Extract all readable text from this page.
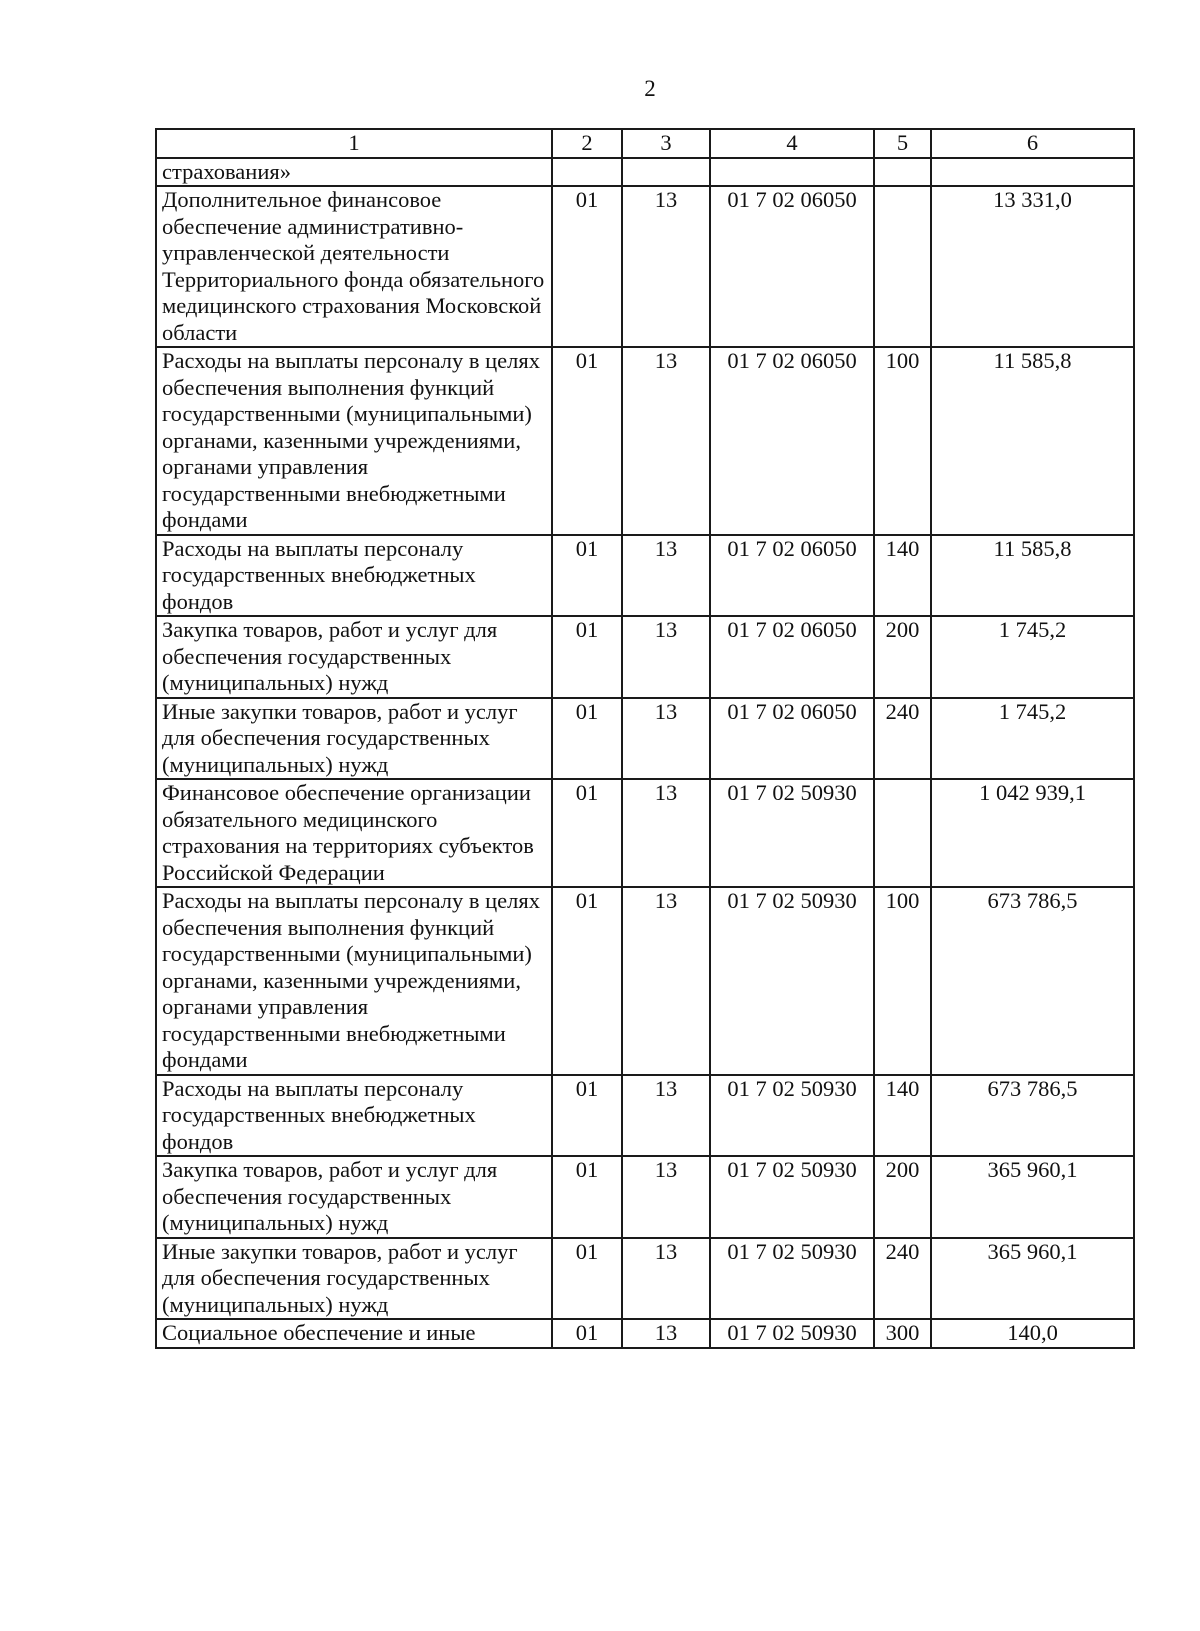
2
1	2	3	4	5	6
страхования»					
Дополнительное финансовое обеспечение административно-управленческой деятельности Территориального фонда обязательного медицинского страхования Московской области	01	13	01 7 02 06050		13 331,0
Расходы на выплаты персоналу в целях обеспечения выполнения функций государственными (муниципальными) органами, казенными учреждениями, органами управления государственными внебюджетными фондами	01	13	01 7 02 06050	100	11 585,8
Расходы на выплаты персоналу государственных внебюджетных фондов	01	13	01 7 02 06050	140	11 585,8
Закупка товаров, работ и услуг для обеспечения государственных (муниципальных) нужд	01	13	01 7 02 06050	200	1 745,2
Иные закупки товаров, работ и услуг для обеспечения государственных (муниципальных) нужд	01	13	01 7 02 06050	240	1 745,2
Финансовое обеспечение организации обязательного медицинского страхования на территориях субъектов Российской Федерации	01	13	01 7 02 50930		1 042 939,1
Расходы на выплаты персоналу в целях обеспечения выполнения функций государственными (муниципальными) органами, казенными учреждениями, органами управления государственными внебюджетными фондами	01	13	01 7 02 50930	100	673 786,5
Расходы на выплаты персоналу государственных внебюджетных фондов	01	13	01 7 02 50930	140	673 786,5
Закупка товаров, работ и услуг для обеспечения государственных (муниципальных) нужд	01	13	01 7 02 50930	200	365 960,1
Иные закупки товаров, работ и услуг для обеспечения государственных (муниципальных) нужд	01	13	01 7 02 50930	240	365 960,1
Социальное обеспечение и иные	01	13	01 7 02 50930	300	140,0
